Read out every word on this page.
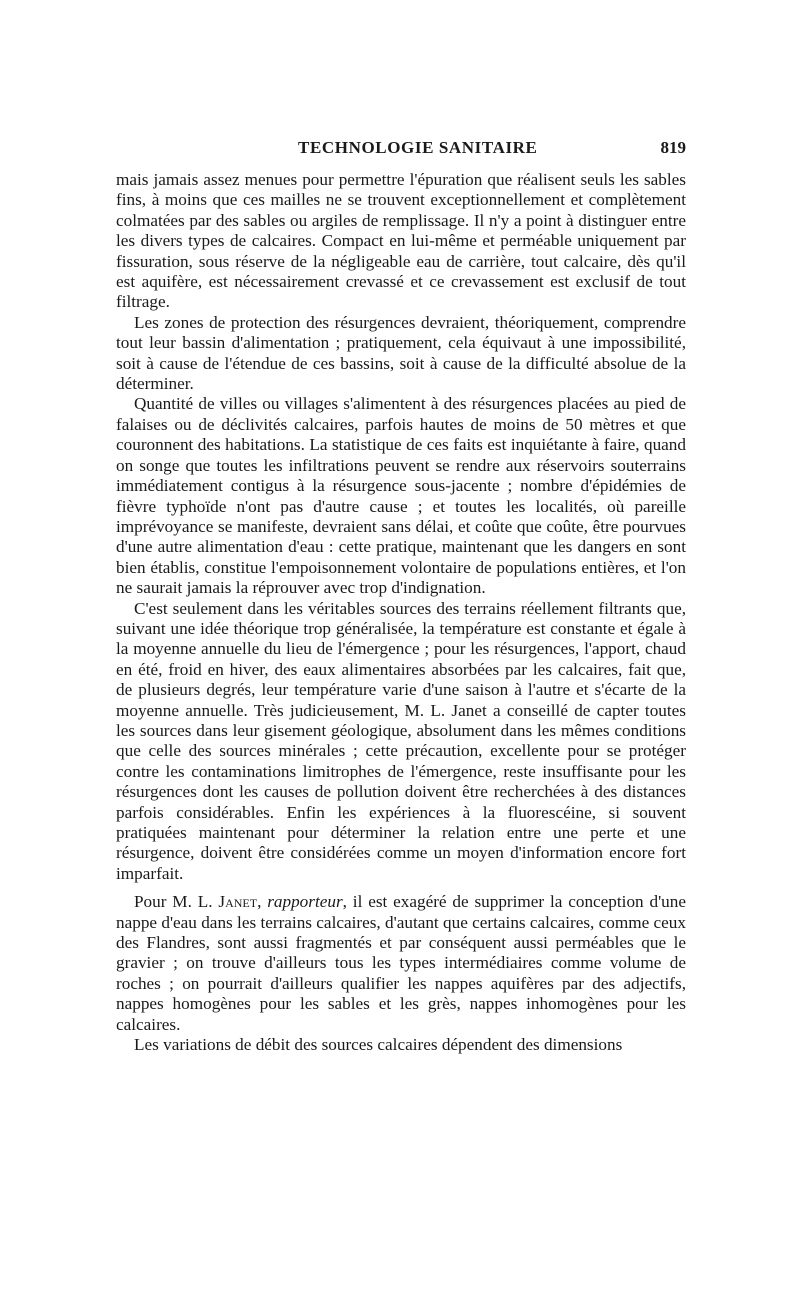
TECHNOLOGIE SANITAIRE	819

mais jamais assez menues pour permettre l'épuration que réalisent seuls les sables fins, à moins que ces mailles ne se trouvent exceptionnellement et complètement colmatées par des sables ou argiles de remplissage. Il n'y a point à distinguer entre les divers types de calcaires. Compact en lui-même et perméable uniquement par fissuration, sous réserve de la négligeable eau de carrière, tout calcaire, dès qu'il est aquifère, est nécessairement crevassé et ce crevassement est exclusif de tout filtrage.

Les zones de protection des résurgences devraient, théoriquement, comprendre tout leur bassin d'alimentation ; pratiquement, cela équivaut à une impossibilité, soit à cause de l'étendue de ces bassins, soit à cause de la difficulté absolue de la déterminer.

Quantité de villes ou villages s'alimentent à des résurgences placées au pied de falaises ou de déclivités calcaires, parfois hautes de moins de 50 mètres et que couronnent des habitations. La statistique de ces faits est inquiétante à faire, quand on songe que toutes les infiltrations peuvent se rendre aux réservoirs souterrains immédiatement contigus à la résurgence sous-jacente ; nombre d'épidémies de fièvre typhoïde n'ont pas d'autre cause ; et toutes les localités, où pareille imprévoyance se manifeste, devraient sans délai, et coûte que coûte, être pourvues d'une autre alimentation d'eau : cette pratique, maintenant que les dangers en sont bien établis, constitue l'empoisonnement volontaire de populations entières, et l'on ne saurait jamais la réprouver avec trop d'indignation.

C'est seulement dans les véritables sources des terrains réellement filtrants que, suivant une idée théorique trop généralisée, la température est constante et égale à la moyenne annuelle du lieu de l'émergence ; pour les résurgences, l'apport, chaud en été, froid en hiver, des eaux alimentaires absorbées par les calcaires, fait que, de plusieurs degrés, leur température varie d'une saison à l'autre et s'écarte de la moyenne annuelle. Très judicieusement, M. L. Janet a conseillé de capter toutes les sources dans leur gisement géologique, absolument dans les mêmes conditions que celle des sources minérales ; cette précaution, excellente pour se protéger contre les contaminations limitrophes de l'émergence, reste insuffisante pour les résurgences dont les causes de pollution doivent être recherchées à des distances parfois considérables. Enfin les expériences à la fluorescéine, si souvent pratiquées maintenant pour déterminer la relation entre une perte et une résurgence, doivent être considérées comme un moyen d'information encore fort imparfait.

Pour M. L. Janet, rapporteur, il est exagéré de supprimer la conception d'une nappe d'eau dans les terrains calcaires, d'autant que certains calcaires, comme ceux des Flandres, sont aussi fragmentés et par conséquent aussi perméables que le gravier ; on trouve d'ailleurs tous les types intermédiaires comme volume de roches ; on pourrait d'ailleurs qualifier les nappes aquifères par des adjectifs, nappes homogènes pour les sables et les grès, nappes inhomogènes pour les calcaires.

Les variations de débit des sources calcaires dépendent des dimensions
